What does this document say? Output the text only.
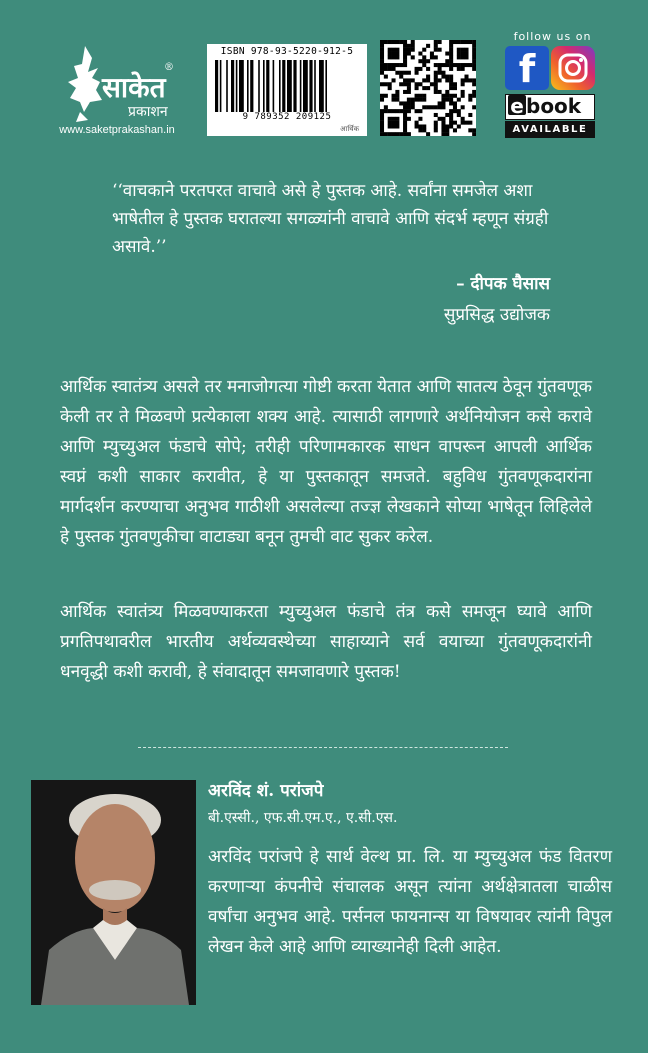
साकेत
प्रकाशन
®
www.saketprakashan.in
ISBN 978-93-5220-912-5
9 789352 209125
आर्थिक
follow us on
f
e book
AVAILABLE
‘‘वाचकाने परतपरत वाचावे असे हे पुस्तक आहे. सर्वांना समजेल अशा भाषेतील हे पुस्तक घरातल्या सगळ्यांनी वाचावे आणि संदर्भ म्हणून संग्रही असावे.’’
– दीपक घैसास
सुप्रसिद्ध उद्योजक
आर्थिक स्वातंत्र्य असले तर मनाजोगत्या गोष्टी करता येतात आणि सातत्य ठेवून गुंतवणूक केली तर ते मिळवणे प्रत्येकाला शक्य आहे. त्यासाठी लागणारे अर्थनियोजन कसे करावे आणि म्युच्युअल फंडाचे सोपे; तरीही परिणामकारक साधन वापरून आपली आर्थिक स्वप्नं कशी साकार करावीत, हे या पुस्तकातून समजते. बहुविध गुंतवणूकदारांना मार्गदर्शन करण्याचा अनुभव गाठीशी असलेल्या तज्ज्ञ लेखकाने सोप्या भाषेतून लिहिलेले हे पुस्तक गुंतवणुकीचा वाटाड्या बनून तुमची वाट सुकर करेल.
आर्थिक स्वातंत्र्य मिळवण्याकरता म्युच्युअल फंडाचे तंत्र कसे समजून घ्यावे आणि प्रगतिपथावरील भारतीय अर्थव्यवस्थेच्या साहाय्याने सर्व वयाच्या गुंतवणूकदारांनी धनवृद्धी कशी करावी, हे संवादातून समजावणारे पुस्तक!
अरविंद शं. परांजपे
बी.एस्सी., एफ.सी.एम.ए., ए.सी.एस.
अरविंद परांजपे हे सार्थ वेल्थ प्रा. लि. या म्युच्युअल फंड वितरण करणाऱ्या कंपनीचे संचालक असून त्यांना अर्थक्षेत्रातला चाळीस वर्षांचा अनुभव आहे. पर्सनल फायनान्स या विषयावर त्यांनी विपुल लेखन केले आहे आणि व्याख्यानेही दिली आहेत.
